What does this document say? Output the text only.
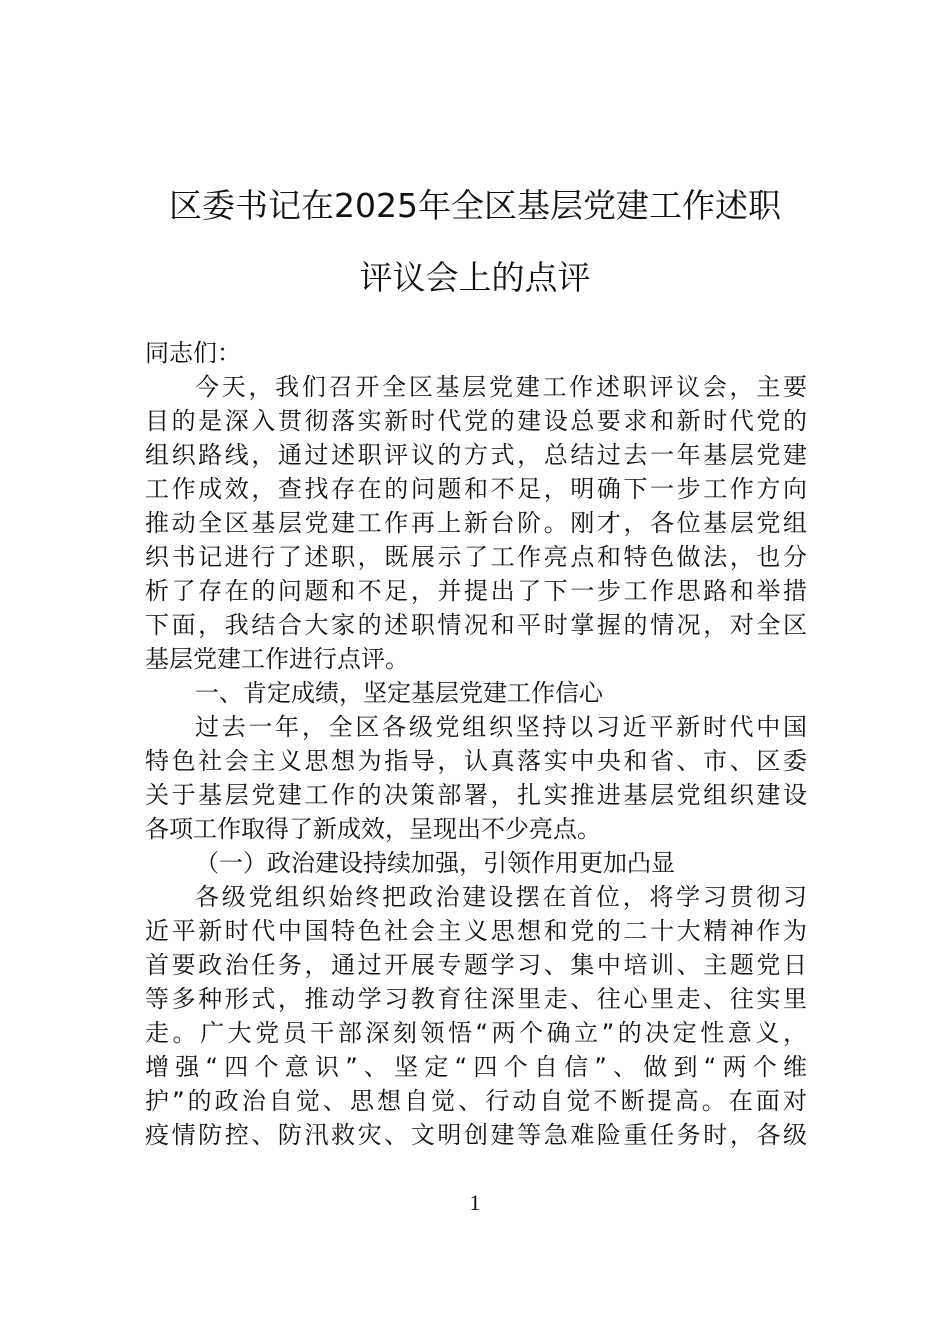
区委书记在2025年全区基层党建工作述职
评议会上的点评
同志们：
今天，我们召开全区基层党建工作述职评议会，主要
目的是深入贯彻落实新时代党的建设总要求和新时代党的
组织路线，通过述职评议的方式，总结过去一年基层党建
工作成效，查找存在的问题和不足，明确下一步工作方向
推动全区基层党建工作再上新台阶。刚才，各位基层党组
织书记进行了述职，既展示了工作亮点和特色做法，也分
析了存在的问题和不足，并提出了下一步工作思路和举措
下面，我结合大家的述职情况和平时掌握的情况，对全区
基层党建工作进行点评。
一、肯定成绩，坚定基层党建工作信心
过去一年，全区各级党组织坚持以习近平新时代中国
特色社会主义思想为指导，认真落实中央和省、市、区委
关于基层党建工作的决策部署，扎实推进基层党组织建设
各项工作取得了新成效，呈现出不少亮点。
（一）政治建设持续加强，引领作用更加凸显
各级党组织始终把政治建设摆在首位，将学习贯彻习
近平新时代中国特色社会主义思想和党的二十大精神作为
首要政治任务，通过开展专题学习、集中培训、主题党日
等多种形式，推动学习教育往深里走、往心里走、往实里
走。广大党员干部深刻领悟“两个确立”的决定性意义，
增强“四个意识”、坚定“四个自信”、做到“两个维
护”的政治自觉、思想自觉、行动自觉不断提高。在面对
疫情防控、防汛救灾、文明创建等急难险重任务时，各级
1
